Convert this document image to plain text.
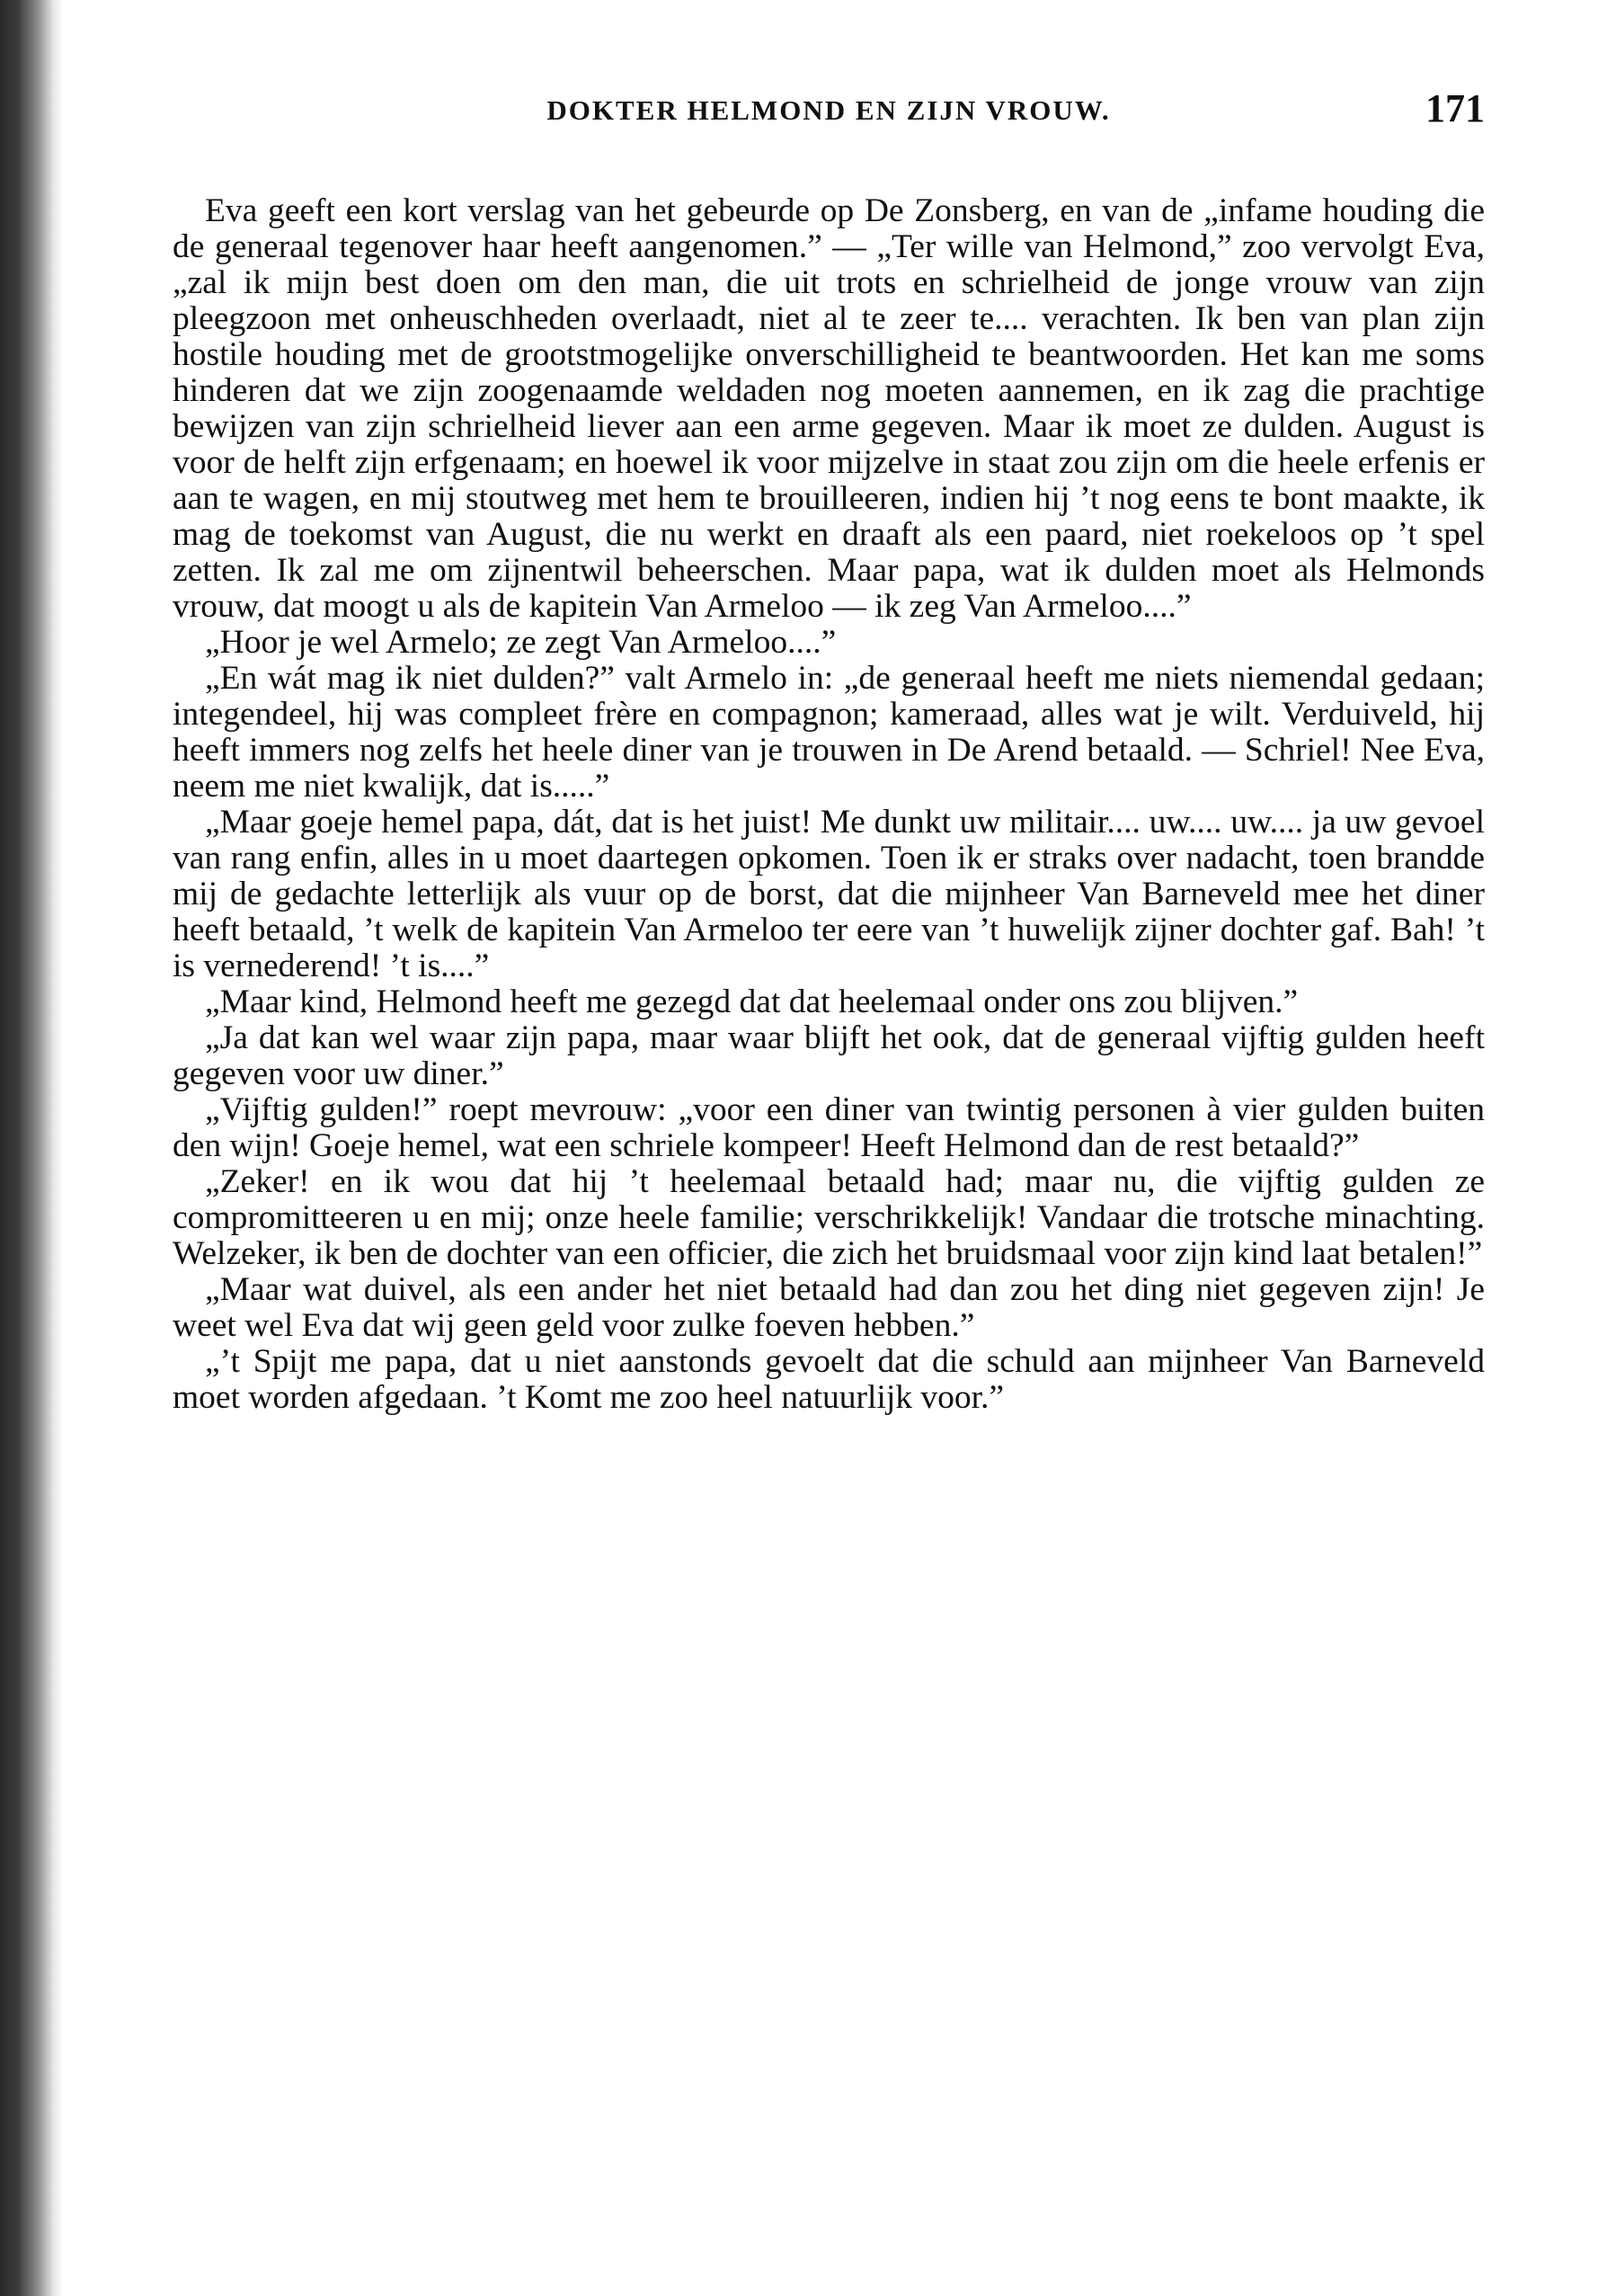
DOKTER HELMOND EN ZIJN VROUW.	171

Eva geeft een kort verslag van het gebeurde op De Zonsberg, en van de „infame houding die de generaal tegenover haar heeft aangenomen.” — „Ter wille van Helmond,” zoo vervolgt Eva, „zal ik mijn best doen om den man, die uit trots en schrielheid de jonge vrouw van zijn pleegzoon met onheuschheden overlaadt, niet al te zeer te.... verachten. Ik ben van plan zijn hostile houding met de grootstmogelijke onverschilligheid te beantwoorden. Het kan me soms hinderen dat we zijn zoogenaamde weldaden nog moeten aannemen, en ik zag die prachtige bewijzen van zijn schrielheid liever aan een arme gegeven. Maar ik moet ze dulden. August is voor de helft zijn erfgenaam; en hoewel ik voor mijzelve in staat zou zijn om die heele erfenis er aan te wagen, en mij stoutweg met hem te brouilleeren, indien hij ’t nog eens te bont maakte, ik mag de toekomst van August, die nu werkt en draaft als een paard, niet roekeloos op ’t spel zetten. Ik zal me om zijnentwil beheerschen. Maar papa, wat ik dulden moet als Helmonds vrouw, dat moogt u als de kapitein Van Armeloo — ik zeg Van Armeloo....”

„Hoor je wel Armelo; ze zegt Van Armeloo....”

„En wát mag ik niet dulden?” valt Armelo in: „de generaal heeft me niets niemendal gedaan; integendeel, hij was compleet frère en compagnon; kameraad, alles wat je wilt. Verduiveld, hij heeft immers nog zelfs het heele diner van je trouwen in De Arend betaald. — Schriel! Nee Eva, neem me niet kwalijk, dat is.....”

„Maar goeje hemel papa, dát, dat is het juist! Me dunkt uw militair.... uw.... uw.... ja uw gevoel van rang enfin, alles in u moet daartegen opkomen. Toen ik er straks over nadacht, toen brandde mij de gedachte letterlijk als vuur op de borst, dat die mijnheer Van Barneveld mee het diner heeft betaald, ’t welk de kapitein Van Armeloo ter eere van ’t huwelijk zijner dochter gaf. Bah! ’t is vernederend! ’t is....”

„Maar kind, Helmond heeft me gezegd dat dat heelemaal onder ons zou blijven.”

„Ja dat kan wel waar zijn papa, maar waar blijft het ook, dat de generaal vijftig gulden heeft gegeven voor uw diner.”

„Vijftig gulden!” roept mevrouw: „voor een diner van twintig personen à vier gulden buiten den wijn! Goeje hemel, wat een schriele kompeer! Heeft Helmond dan de rest betaald?”

„Zeker! en ik wou dat hij ’t heelemaal betaald had; maar nu, die vijftig gulden ze compromitteeren u en mij; onze heele familie; verschrikkelijk! Vandaar die trotsche minachting. Welzeker, ik ben de dochter van een officier, die zich het bruidsmaal voor zijn kind laat betalen!”

„Maar wat duivel, als een ander het niet betaald had dan zou het ding niet gegeven zijn! Je weet wel Eva dat wij geen geld voor zulke foeven hebben.”

„’t Spijt me papa, dat u niet aanstonds gevoelt dat die schuld aan mijnheer Van Barneveld moet worden afgedaan. ’t Komt me zoo heel natuurlijk voor.”
